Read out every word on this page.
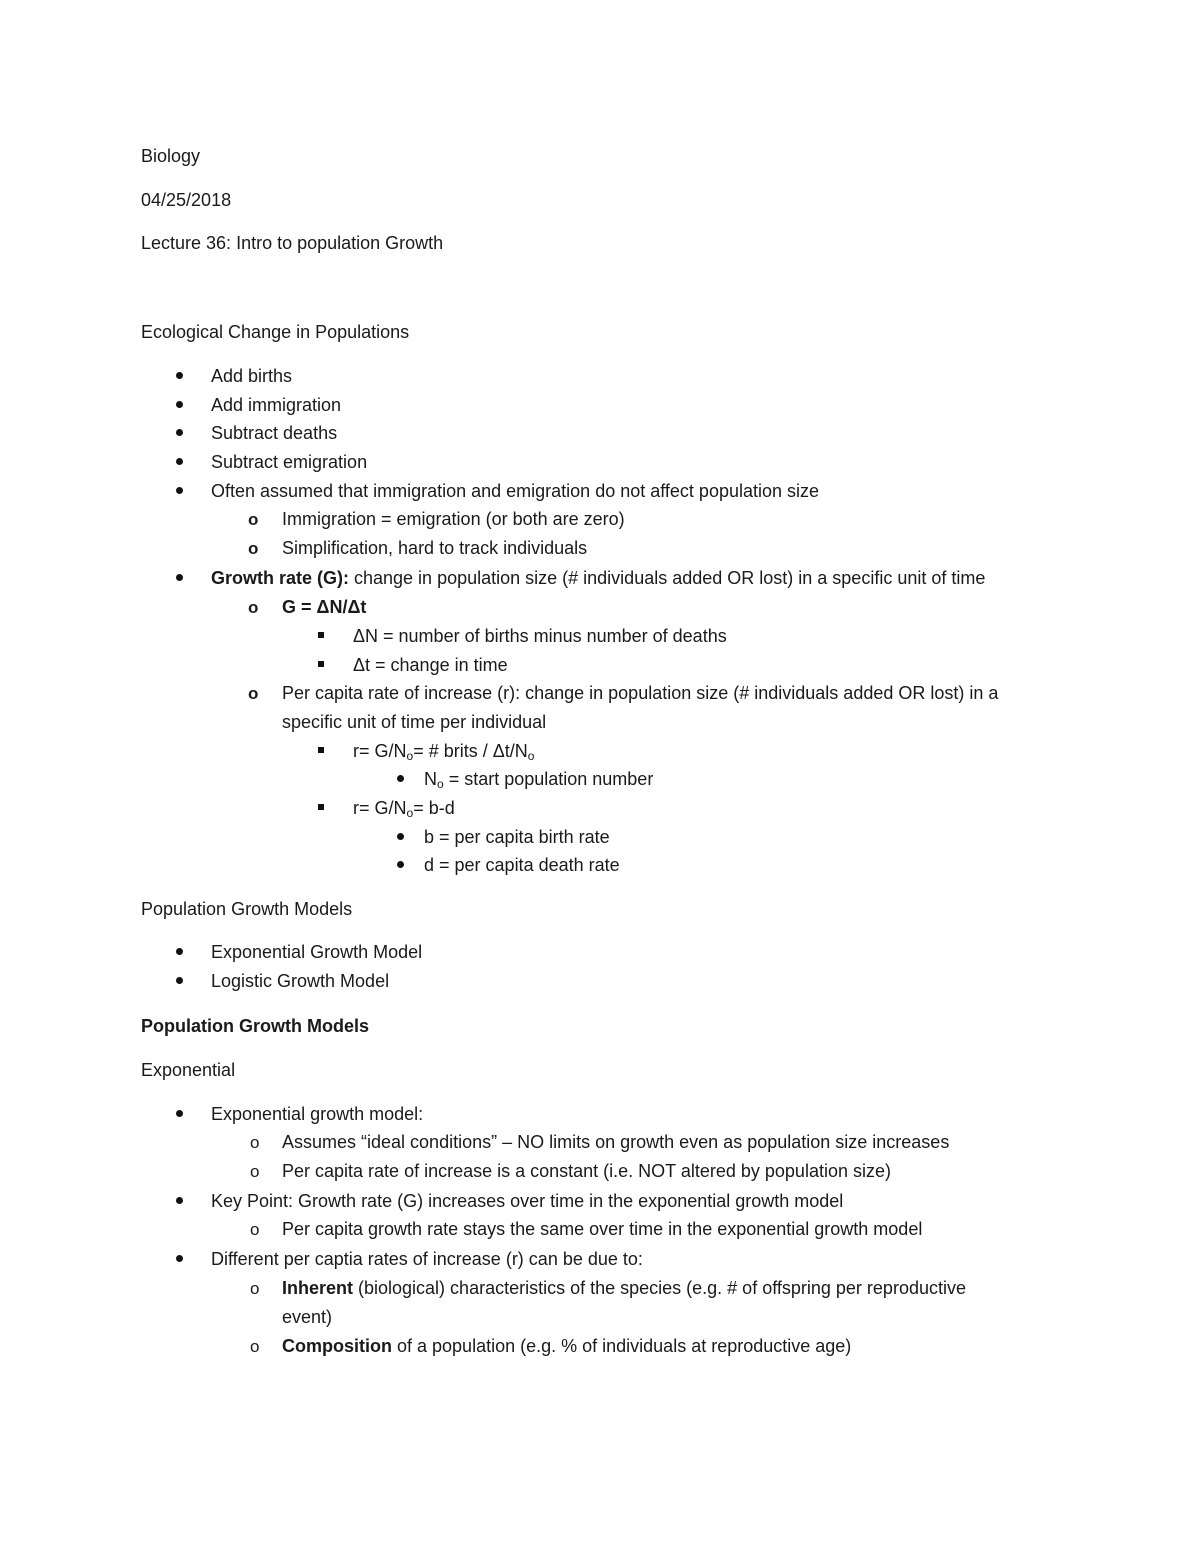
Biology
04/25/2018
Lecture 36: Intro to population Growth
Ecological Change in Populations
Add births
Add immigration
Subtract deaths
Subtract emigration
Often assumed that immigration and emigration do not affect population size
o Immigration = emigration (or both are zero)
o Simplification, hard to track individuals
Growth rate (G): change in population size (# individuals added OR lost) in a specific unit of time
o G = ΔN/Δt
ΔN = number of births minus number of deaths
Δt = change in time
o Per capita rate of increase (r): change in population size (# individuals added OR lost) in a
specific unit of time per individual
$r= G/N_o=$ # brits / $\Delta t/N_o$
$N_o$ = start population number
$r= G/N_o= b-d$
b = per capita birth rate
d = per capita death rate
Population Growth Models
Exponential Growth Model
Logistic Growth Model
Population Growth Models
Exponential
Exponential growth model:
o Assumes “ideal conditions” – NO limits on growth even as population size increases
o Per capita rate of increase is a constant (i.e. NOT altered by population size)
Key Point: Growth rate (G) increases over time in the exponential growth model
o Per capita growth rate stays the same over time in the exponential growth model
Different per captia rates of increase (r) can be due to:
o Inherent (biological) characteristics of the species (e.g. # of offspring per reproductive
event)
o Composition of a population (e.g. % of individuals at reproductive age)
